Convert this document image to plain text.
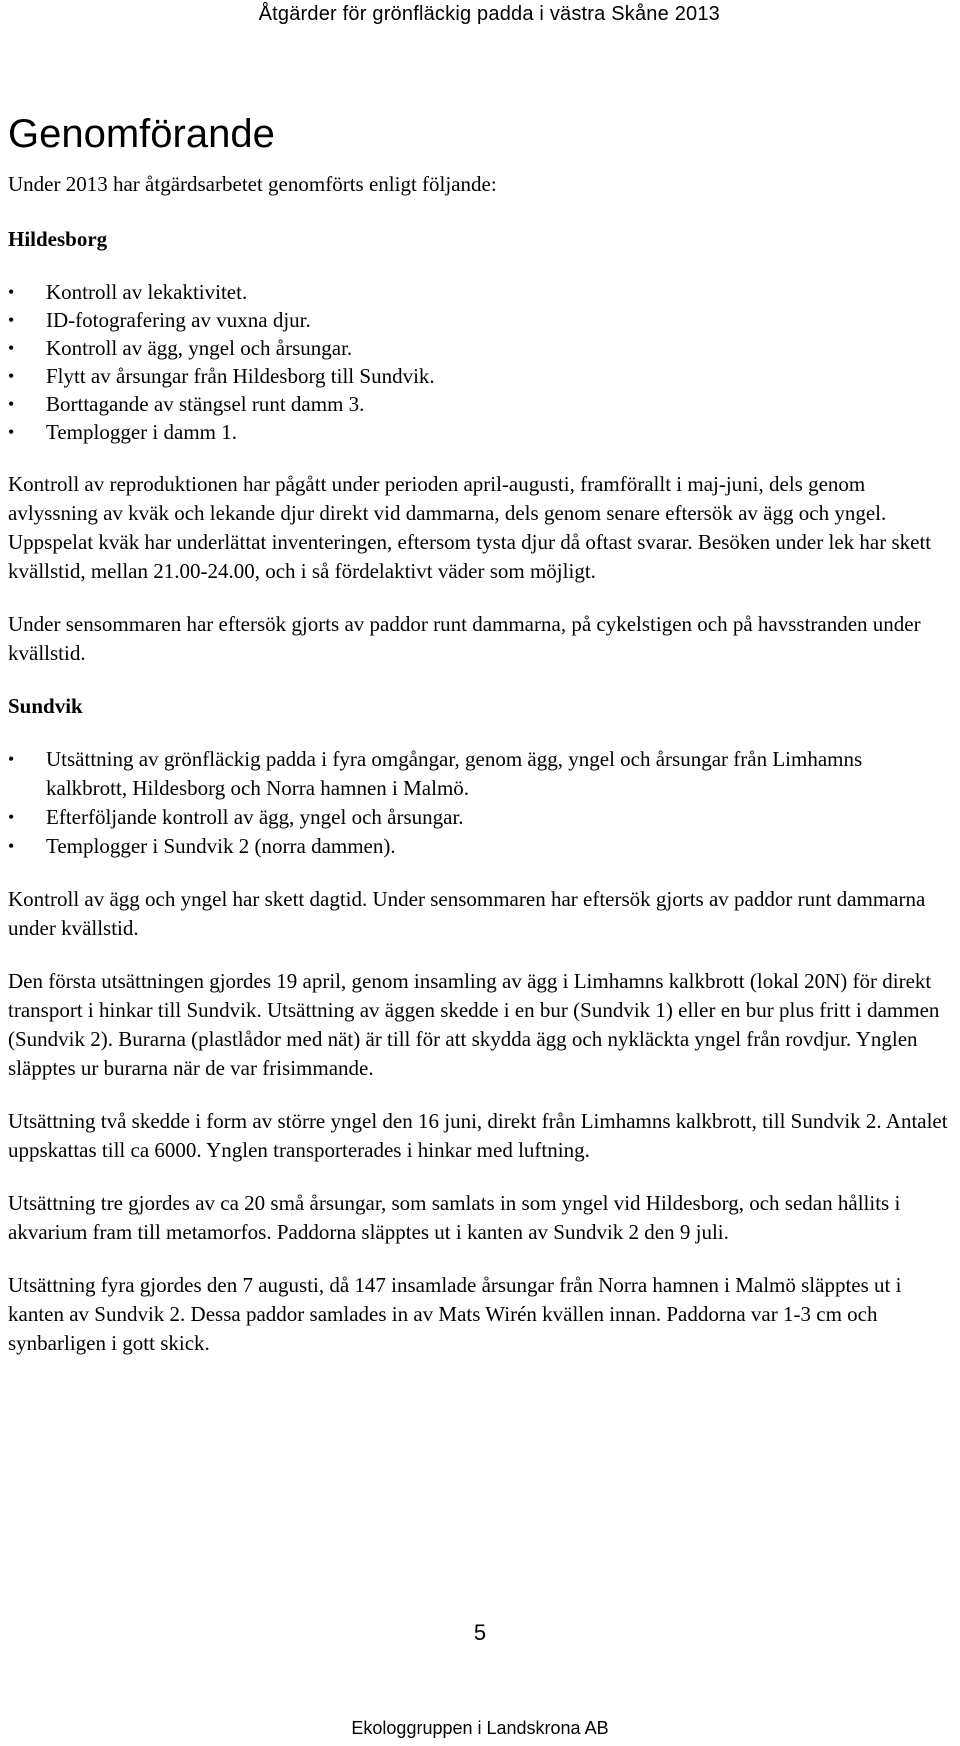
Åtgärder för grönfläckig padda i västra Skåne 2013
Genomförande

Under 2013 har åtgärdsarbetet genomförts enligt följande:

Hildesborg
• Kontroll av lekaktivitet.
• ID-fotografering av vuxna djur.
• Kontroll av ägg, yngel och årsungar.
• Flytt av årsungar från Hildesborg till Sundvik.
• Borttagande av stängsel runt damm 3.
• Templogger i damm 1.

Kontroll av reproduktionen har pågått under perioden april-augusti, framförallt i maj-juni, dels genom avlyssning av kväk och lekande djur direkt vid dammarna, dels genom senare eftersök av ägg och yngel. Uppspelat kväk har underlättat inventeringen, eftersom tysta djur då oftast svarar. Besöken under lek har skett kvällstid, mellan 21.00-24.00, och i så fördelaktivt väder som möjligt.

Under sensommaren har eftersök gjorts av paddor runt dammarna, på cykelstigen och på havsstranden under kvällstid.

Sundvik
• Utsättning av grönfläckig padda i fyra omgångar, genom ägg, yngel och årsungar från Limhamns kalkbrott, Hildesborg och Norra hamnen i Malmö.
• Efterföljande kontroll av ägg, yngel och årsungar.
• Templogger i Sundvik 2 (norra dammen).

Kontroll av ägg och yngel har skett dagtid. Under sensommaren har eftersök gjorts av paddor runt dammarna under kvällstid.

Den första utsättningen gjordes 19 april, genom insamling av ägg i Limhamns kalkbrott (lokal 20N) för direkt transport i hinkar till Sundvik. Utsättning av äggen skedde i en bur (Sundvik 1) eller en bur plus fritt i dammen (Sundvik 2). Burarna (plastlådor med nät) är till för att skydda ägg och nykläckta yngel från rovdjur. Ynglen släpptes ur burarna när de var frisimmande.

Utsättning två skedde i form av större yngel den 16 juni, direkt från Limhamns kalkbrott, till Sundvik 2. Antalet uppskattas till ca 6000. Ynglen transporterades i hinkar med luftning.

Utsättning tre gjordes av ca 20 små årsungar, som samlats in som yngel vid Hildesborg, och sedan hållits i akvarium fram till metamorfos. Paddorna släpptes ut i kanten av Sundvik 2 den 9 juli.

Utsättning fyra gjordes den 7 augusti, då 147 insamlade årsungar från Norra hamnen i Malmö släpptes ut i kanten av Sundvik 2. Dessa paddor samlades in av Mats Wirén kvällen innan. Paddorna var 1-3 cm och synbarligen i gott skick.

5
Ekologgruppen i Landskrona AB
